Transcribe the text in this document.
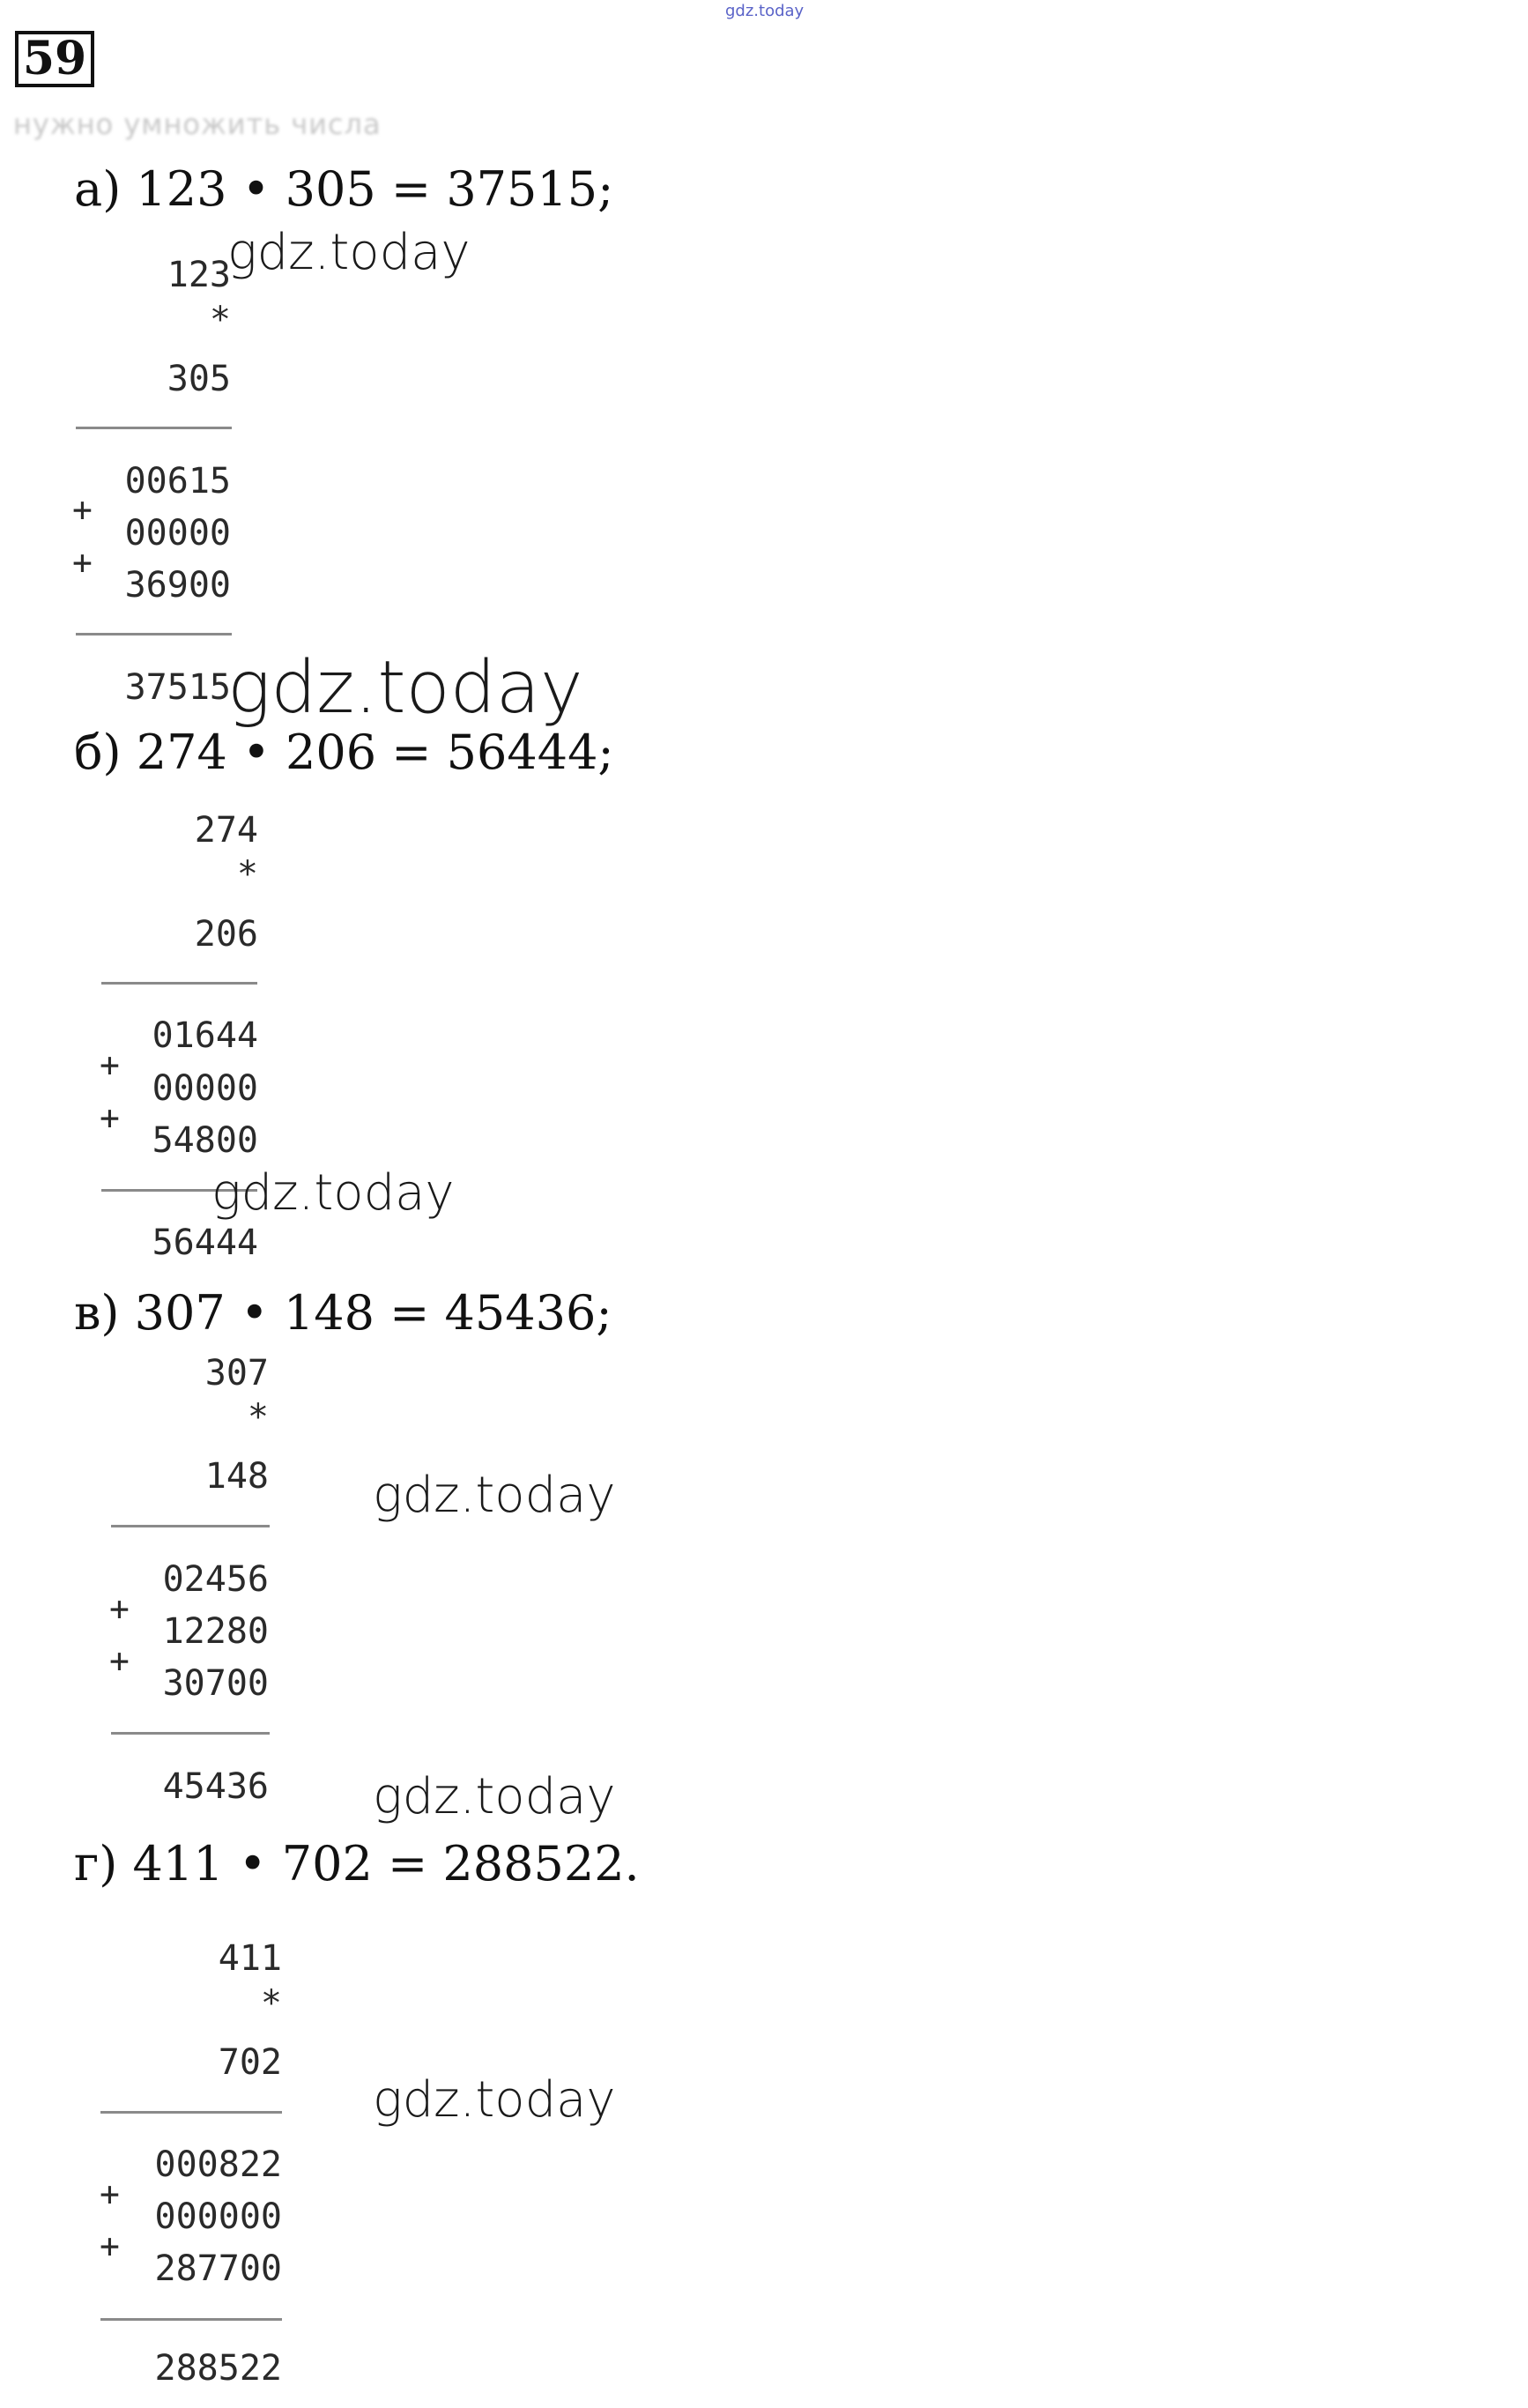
gdz.today
59
нужно умножить числа
а) 123 • 305 = 37515;
123
*
305
00615
+
00000
+
36900
37515
б) 274 • 206 = 56444;
274
*
206
01644
+
00000
+
54800
56444
в) 307 • 148 = 45436;
307
*
148
02456
+
12280
+
30700
45436
г) 411 • 702 = 288522.
411
*
702
000822
+
000000
+
287700
288522
gdz.today
gdz.today
gdz.today
gdz.today
gdz.today
gdz.today
